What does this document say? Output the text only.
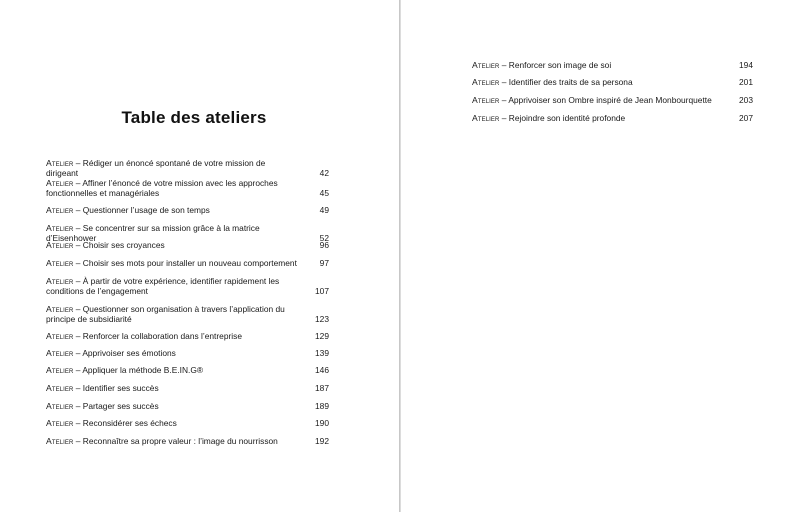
Table des ateliers
Atelier – Rédiger un énoncé spontané de votre mission de dirigeant	42
Atelier – Affiner l’énoncé de votre mission avec les approches fonctionnelles et managériales	45
Atelier – Questionner l’usage de son temps	49
Atelier – Se concentrer sur sa mission grâce à la matrice d’Eisenhower	52
Atelier – Choisir ses croyances	96
Atelier – Choisir ses mots pour installer un nouveau comportement	97
Atelier – À partir de votre expérience, identifier rapidement les conditions de l’engagement	107
Atelier – Questionner son organisation à travers l’application du principe de subsidiarité	123
Atelier – Renforcer la collaboration dans l’entreprise	129
Atelier – Apprivoiser ses émotions	139
Atelier – Appliquer la méthode B.E.IN.G®	146
Atelier – Identifier ses succès	187
Atelier – Partager ses succès	189
Atelier – Reconsidérer ses échecs	190
Atelier – Reconnaître sa propre valeur : l’image du nourrisson	192
Atelier – Renforcer son image de soi	194
Atelier – Identifier des traits de sa persona	201
Atelier – Apprivoiser son Ombre inspiré de Jean Monbourquette	203
Atelier – Rejoindre son identité profonde	207
